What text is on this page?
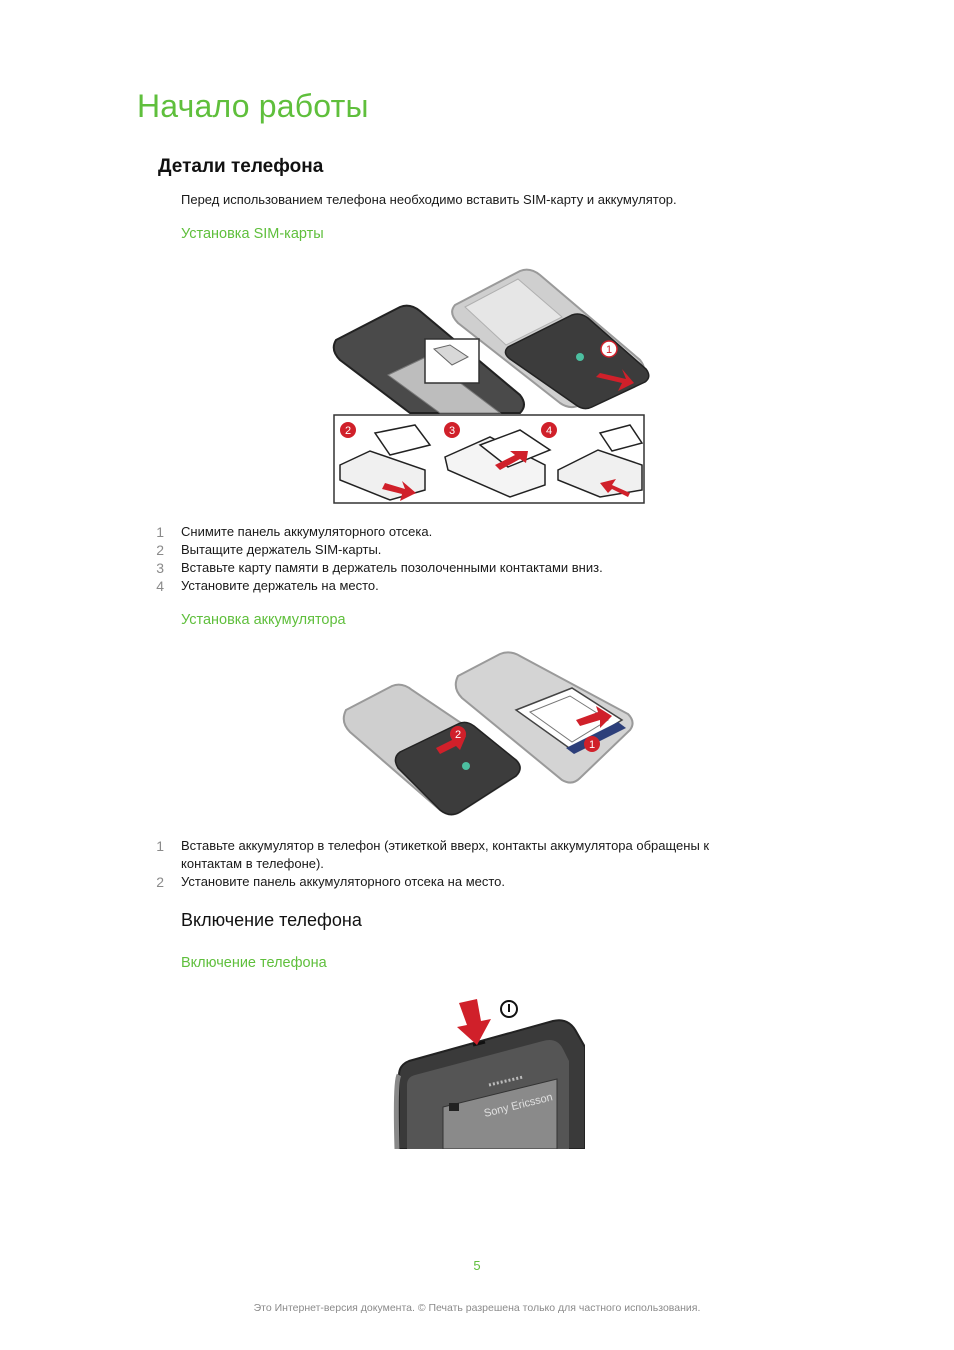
Начало работы
Детали телефона
Перед использованием телефона необходимо вставить SIM-карту и аккумулятор.
Установка SIM-карты
1
2	3	4
1 Снимите панель аккумуляторного отсека.
2 Вытащите держатель SIM-карты.
3 Вставьте карту памяти в держатель позолоченными контактами вниз.
4 Установите держатель на место.
Установка аккумулятора
1
2
1 Вставьте аккумулятор в телефон (этикеткой вверх, контакты аккумулятора обращены к контактам в телефоне).
2 Установите панель аккумуляторного отсека на место.
Включение телефона
Включение телефона
Sony Ericsson
5
Это Интернет-версия документа. © Печать разрешена только для частного использования.
